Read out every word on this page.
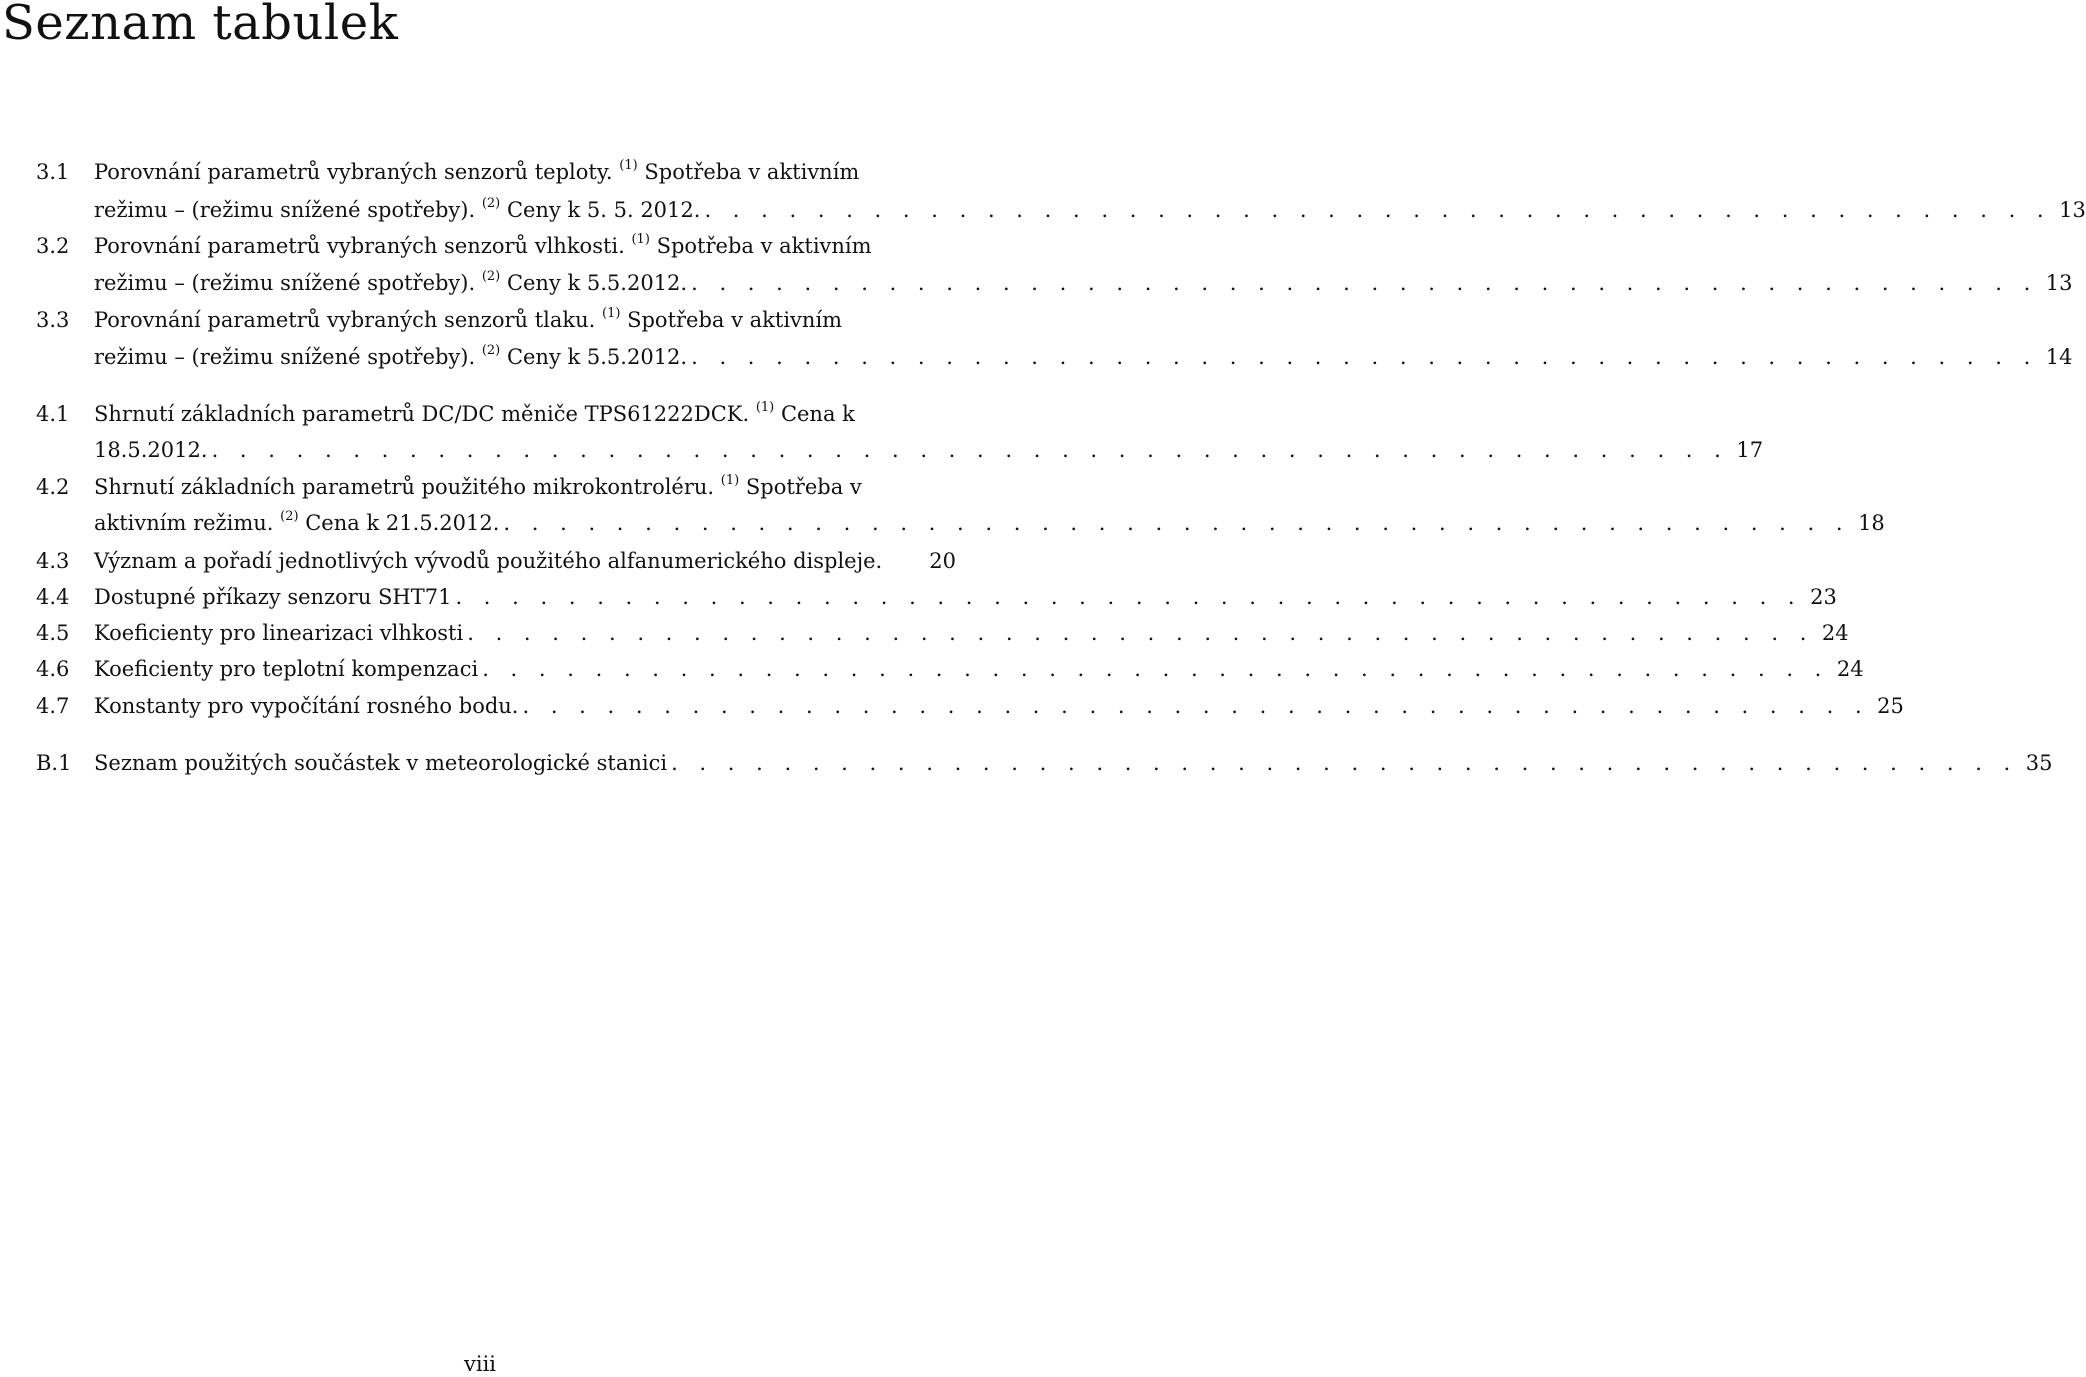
Seznam tabulek
3.1 Porovnání parametrů vybraných senzorů teploty. $^{(1)}$ Spotřeba v aktivním
režimu – (režimu snížené spotřeby). $^{(2)}$ Ceny k 5. 5. 2012. . . . . . . . . . . . . . . . . . . . . . . . . . . . . . . . . . . . . . . . . . . . . . . . . 13
3.2 Porovnání parametrů vybraných senzorů vlhkosti. $^{(1)}$ Spotřeba v aktivním
režimu – (režimu snížené spotřeby). $^{(2)}$ Ceny k 5.5.2012. . . . . . . . . . . . . . . . . . . . . . . . . . . . . . . . . . . . . . . . . . . . . . . . . 13
3.3 Porovnání parametrů vybraných senzorů tlaku. $^{(1)}$ Spotřeba v aktivním
režimu – (režimu snížené spotřeby). $^{(2)}$ Ceny k 5.5.2012. . . . . . . . . . . . . . . . . . . . . . . . . . . . . . . . . . . . . . . . . . . . . . . . . 14
4.1 Shrnutí základních parametrů DC/DC měniče TPS61222DCK. $^{(1)}$ Cena k
18.5.2012. . . . . . . . . . . . . . . . . . . . . . . . . . . . . . . . . . . . . . . . . . . . . . . . . . . . . . . 17
4.2 Shrnutí základních parametrů použitého mikrokontroléru. $^{(1)}$ Spotřeba v
aktivním režimu. $^{(2)}$ Cena k 21.5.2012. . . . . . . . . . . . . . . . . . . . . . . . . . . . . . . . . . . . . . . . . . . . . . . . . 18
4.3 Význam a pořadí jednotlivých vývodů použitého alfanumerického displeje.	20
4.4 Dostupné příkazy senzoru SHT71 . . . . . . . . . . . . . . . . . . . . . . . . . . . . . . . . . . . . . . . . . . . . . . . . 23
4.5 Koeficienty pro linearizaci vlhkosti . . . . . . . . . . . . . . . . . . . . . . . . . . . . . . . . . . . . . . . . . . . . . . . . 24
4.6 Koeficienty pro teplotní kompenzaci . . . . . . . . . . . . . . . . . . . . . . . . . . . . . . . . . . . . . . . . . . . . . . . . 24
4.7 Konstanty pro vypočítání rosného bodu. . . . . . . . . . . . . . . . . . . . . . . . . . . . . . . . . . . . . . . . . . . . . . . . . 25
B.1 Seznam použitých součástek v meteorologické stanici . . . . . . . . . . . . . . . . . . . . . . . . . . . . . . . . . . . . . . . . . . . . . . . . 35
viii
